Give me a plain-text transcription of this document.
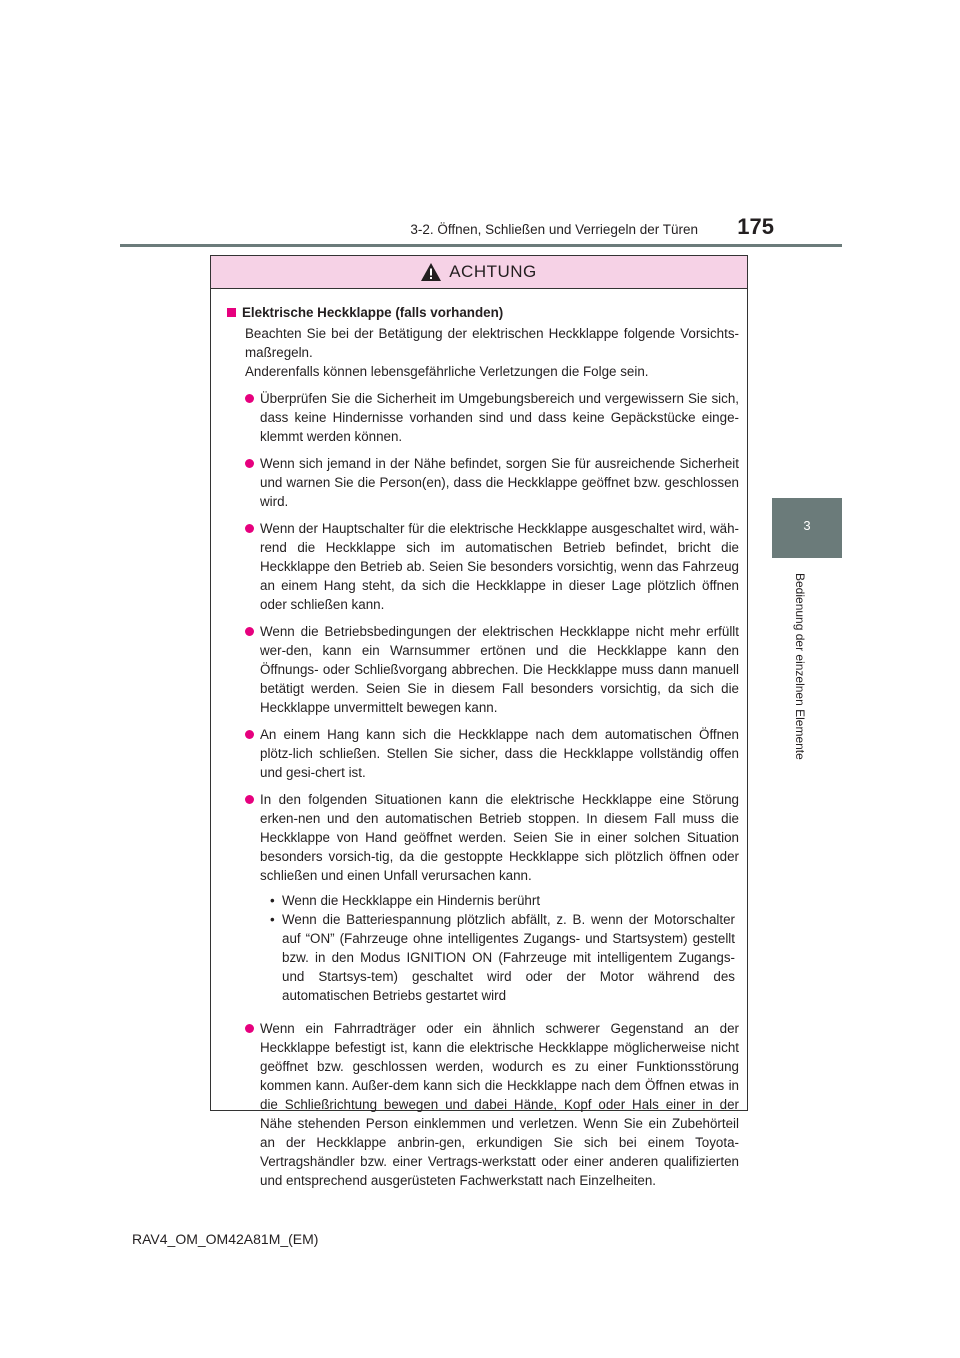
3-2. Öffnen, Schließen und Verriegeln der Türen 175
3
Bedienung der einzelnen Elemente
ACHTUNG
Elektrische Heckklappe (falls vorhanden)
Beachten Sie bei der Betätigung der elektrischen Heckklappe folgende Vorsichts-maßregeln.
Anderenfalls können lebensgefährliche Verletzungen die Folge sein.
Überprüfen Sie die Sicherheit im Umgebungsbereich und vergewissern Sie sich, dass keine Hindernisse vorhanden sind und dass keine Gepäckstücke einge-klemmt werden können.
Wenn sich jemand in der Nähe befindet, sorgen Sie für ausreichende Sicherheit und warnen Sie die Person(en), dass die Heckklappe geöffnet bzw. geschlossen wird.
Wenn der Hauptschalter für die elektrische Heckklappe ausgeschaltet wird, wäh-rend die Heckklappe sich im automatischen Betrieb befindet, bricht die Heckklappe den Betrieb ab. Seien Sie besonders vorsichtig, wenn das Fahrzeug an einem Hang steht, da sich die Heckklappe in dieser Lage plötzlich öffnen oder schließen kann.
Wenn die Betriebsbedingungen der elektrischen Heckklappe nicht mehr erfüllt wer-den, kann ein Warnsummer ertönen und die Heckklappe kann den Öffnungs- oder Schließvorgang abbrechen. Die Heckklappe muss dann manuell betätigt werden. Seien Sie in diesem Fall besonders vorsichtig, da sich die Heckklappe unvermittelt bewegen kann.
An einem Hang kann sich die Heckklappe nach dem automatischen Öffnen plötz-lich schließen. Stellen Sie sicher, dass die Heckklappe vollständig offen und gesi-chert ist.
In den folgenden Situationen kann die elektrische Heckklappe eine Störung erken-nen und den automatischen Betrieb stoppen. In diesem Fall muss die Heckklappe von Hand geöffnet werden. Seien Sie in einer solchen Situation besonders vorsich-tig, da die gestoppte Heckklappe sich plötzlich öffnen oder schließen und einen Unfall verursachen kann.
• Wenn die Heckklappe ein Hindernis berührt
• Wenn die Batteriespannung plötzlich abfällt, z. B. wenn der Motorschalter auf “ON” (Fahrzeuge ohne intelligentes Zugangs- und Startsystem) gestellt bzw. in den Modus IGNITION ON (Fahrzeuge mit intelligentem Zugangs- und Startsys-tem) geschaltet wird oder der Motor während des automatischen Betriebs gestartet wird
Wenn ein Fahrradträger oder ein ähnlich schwerer Gegenstand an der Heckklappe befestigt ist, kann die elektrische Heckklappe möglicherweise nicht geöffnet bzw. geschlossen werden, wodurch es zu einer Funktionsstörung kommen kann. Außer-dem kann sich die Heckklappe nach dem Öffnen etwas in die Schließrichtung bewegen und dabei Hände, Kopf oder Hals einer in der Nähe stehenden Person einklemmen und verletzen. Wenn Sie ein Zubehörteil an der Heckklappe anbrin-gen, erkundigen Sie sich bei einem Toyota-Vertragshändler bzw. einer Vertrags-werkstatt oder einer anderen qualifizierten und entsprechend ausgerüsteten Fachwerkstatt nach Einzelheiten.
RAV4_OM_OM42A81M_(EM)
